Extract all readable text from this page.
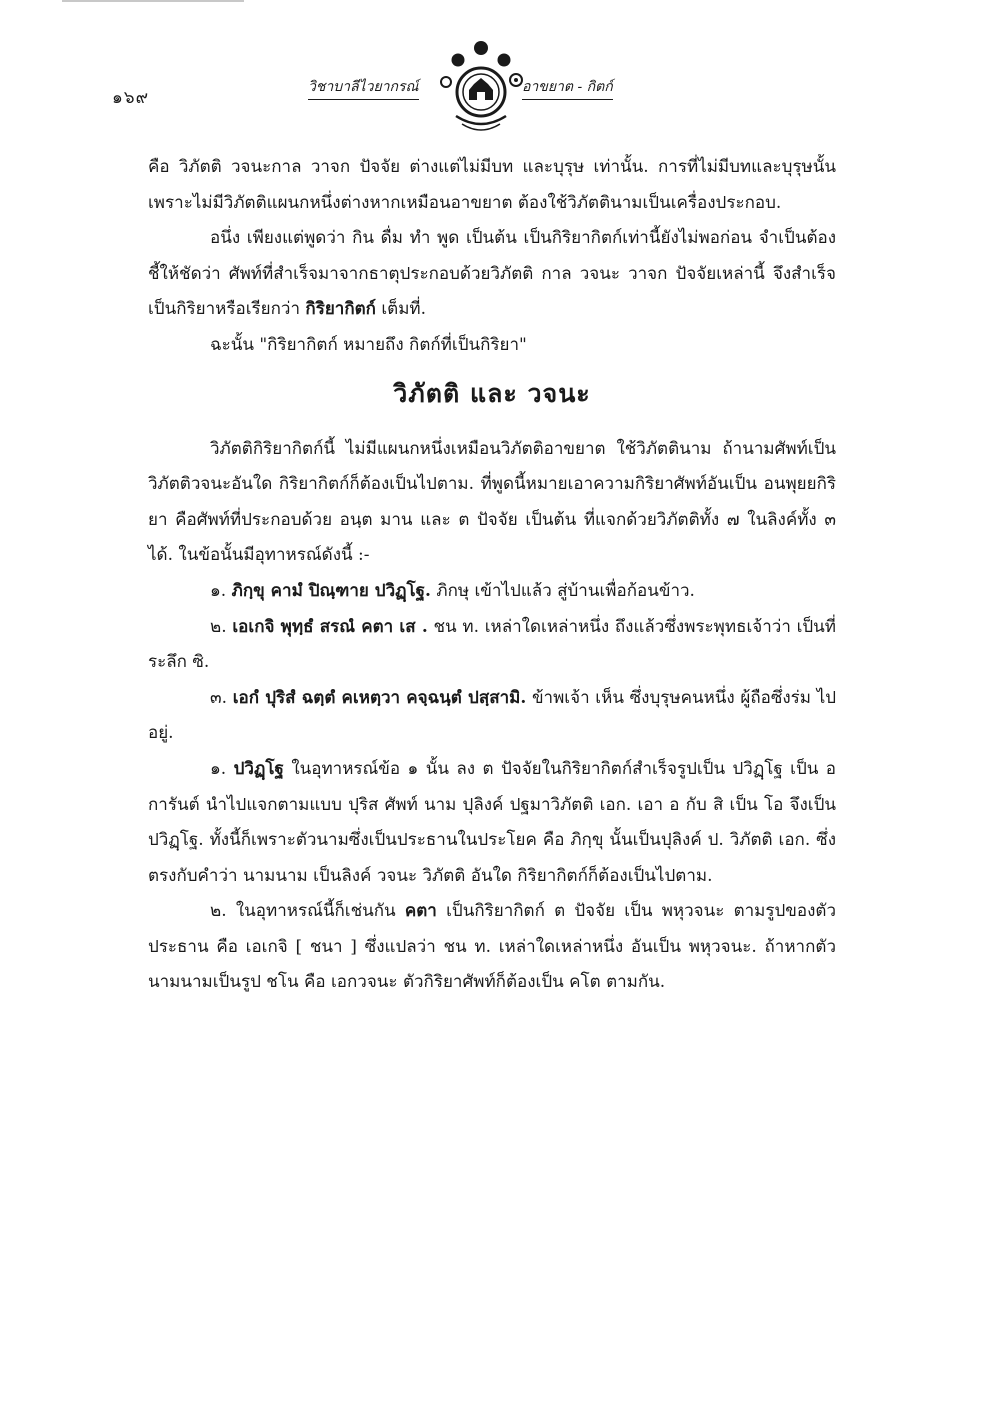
๑๖๙
วิชาบาลีไวยากรณ์	อาขยาต - กิตก์

คือ วิภัตติ วจนะกาล วาจก ปัจจัย ต่างแต่ไม่มีบท และบุรุษ เท่านั้น. การที่ไม่มีบทและบุรุษนั้น เพราะไม่มีวิภัตติแผนกหนึ่งต่างหากเหมือนอาขยาต ต้องใช้วิภัตตินามเป็นเครื่องประกอบ.

อนึ่ง เพียงแต่พูดว่า กิน ดื่ม ทำ พูด เป็นต้น เป็นกิริยากิตก์เท่านี้ยังไม่พอก่อน จำเป็นต้องชี้ให้ชัดว่า ศัพท์ที่สำเร็จมาจากธาตุประกอบด้วยวิภัตติ กาล วจนะ วาจก ปัจจัยเหล่านี้ จึงสำเร็จเป็นกิริยาหรือเรียกว่า กิริยากิตก์ เต็มที่.

ฉะนั้น "กิริยากิตก์ หมายถึง กิตก์ที่เป็นกิริยา"

วิภัตติ และ วจนะ

วิภัตติกิริยากิตก์นี้ ไม่มีแผนกหนึ่งเหมือนวิภัตติอาขยาต ใช้วิภัตตินาม ถ้านามศัพท์เป็นวิภัตติวจนะอันใด กิริยากิตก์ก็ต้องเป็นไปตาม. ที่พูดนี้หมายเอาความกิริยาศัพท์อันเป็น อนพุยยกิริยา คือศัพท์ที่ประกอบด้วย อนฺต มาน และ ต ปัจจัย เป็นต้น ที่แจกด้วยวิภัตติทั้ง ๗ ในลิงค์ทั้ง ๓ ได้. ในข้อนั้นมีอุทาหรณ์ดังนี้ :-

๑. ภิกฺขุ คามํ ปิณฺฑาย ปวิฏฺโฐ. ภิกษุ เข้าไปแล้ว สู่บ้านเพื่อก้อนข้าว.

๒. เอเกจิ พุทฺธํ สรณํ คตา เส . ชน ท. เหล่าใดเหล่าหนึ่ง ถึงแล้วซึ่งพระพุทธเจ้าว่า เป็นที่ระลึก ซิ.

๓. เอกํ ปุริสํ ฉตฺตํ คเหตฺวา คจฺฉนฺตํ ปสฺสามิ. ข้าพเจ้า เห็น ซึ่งบุรุษคนหนึ่ง ผู้ถือซึ่งร่ม ไปอยู่.

๑. ปวิฏฺโฐ ในอุทาหรณ์ข้อ ๑ นั้น ลง ต ปัจจัยในกิริยากิตก์สำเร็จรูปเป็น ปวิฏฺโฐ เป็น อ การันต์ นำไปแจกตามแบบ ปุริส ศัพท์ นาม ปุลิงค์ ปฐมาวิภัตติ เอก. เอา อ กับ สิ เป็น โอ จึงเป็น ปวิฏฺโฐ. ทั้งนี้ก็เพราะตัวนามซึ่งเป็นประธานในประโยค คือ ภิกฺขุ นั้นเป็นปุลิงค์ ป. วิภัตติ เอก. ซึ่งตรงกับคำว่า นามนาม เป็นลิงค์ วจนะ วิภัตติ อันใด กิริยากิตก์ก็ต้องเป็นไปตาม.

๒. ในอุทาหรณ์นี้ก็เช่นกัน คตา เป็นกิริยากิตก์ ต ปัจจัย เป็น พหุวจนะ ตามรูปของตัวประธาน คือ เอเกจิ [ ชนา ] ซึ่งแปลว่า ชน ท. เหล่าใดเหล่าหนึ่ง อันเป็น พหุวจนะ. ถ้าหากตัวนามนามเป็นรูป ชโน คือ เอกวจนะ ตัวกิริยาศัพท์ก็ต้องเป็น คโต ตามกัน.
